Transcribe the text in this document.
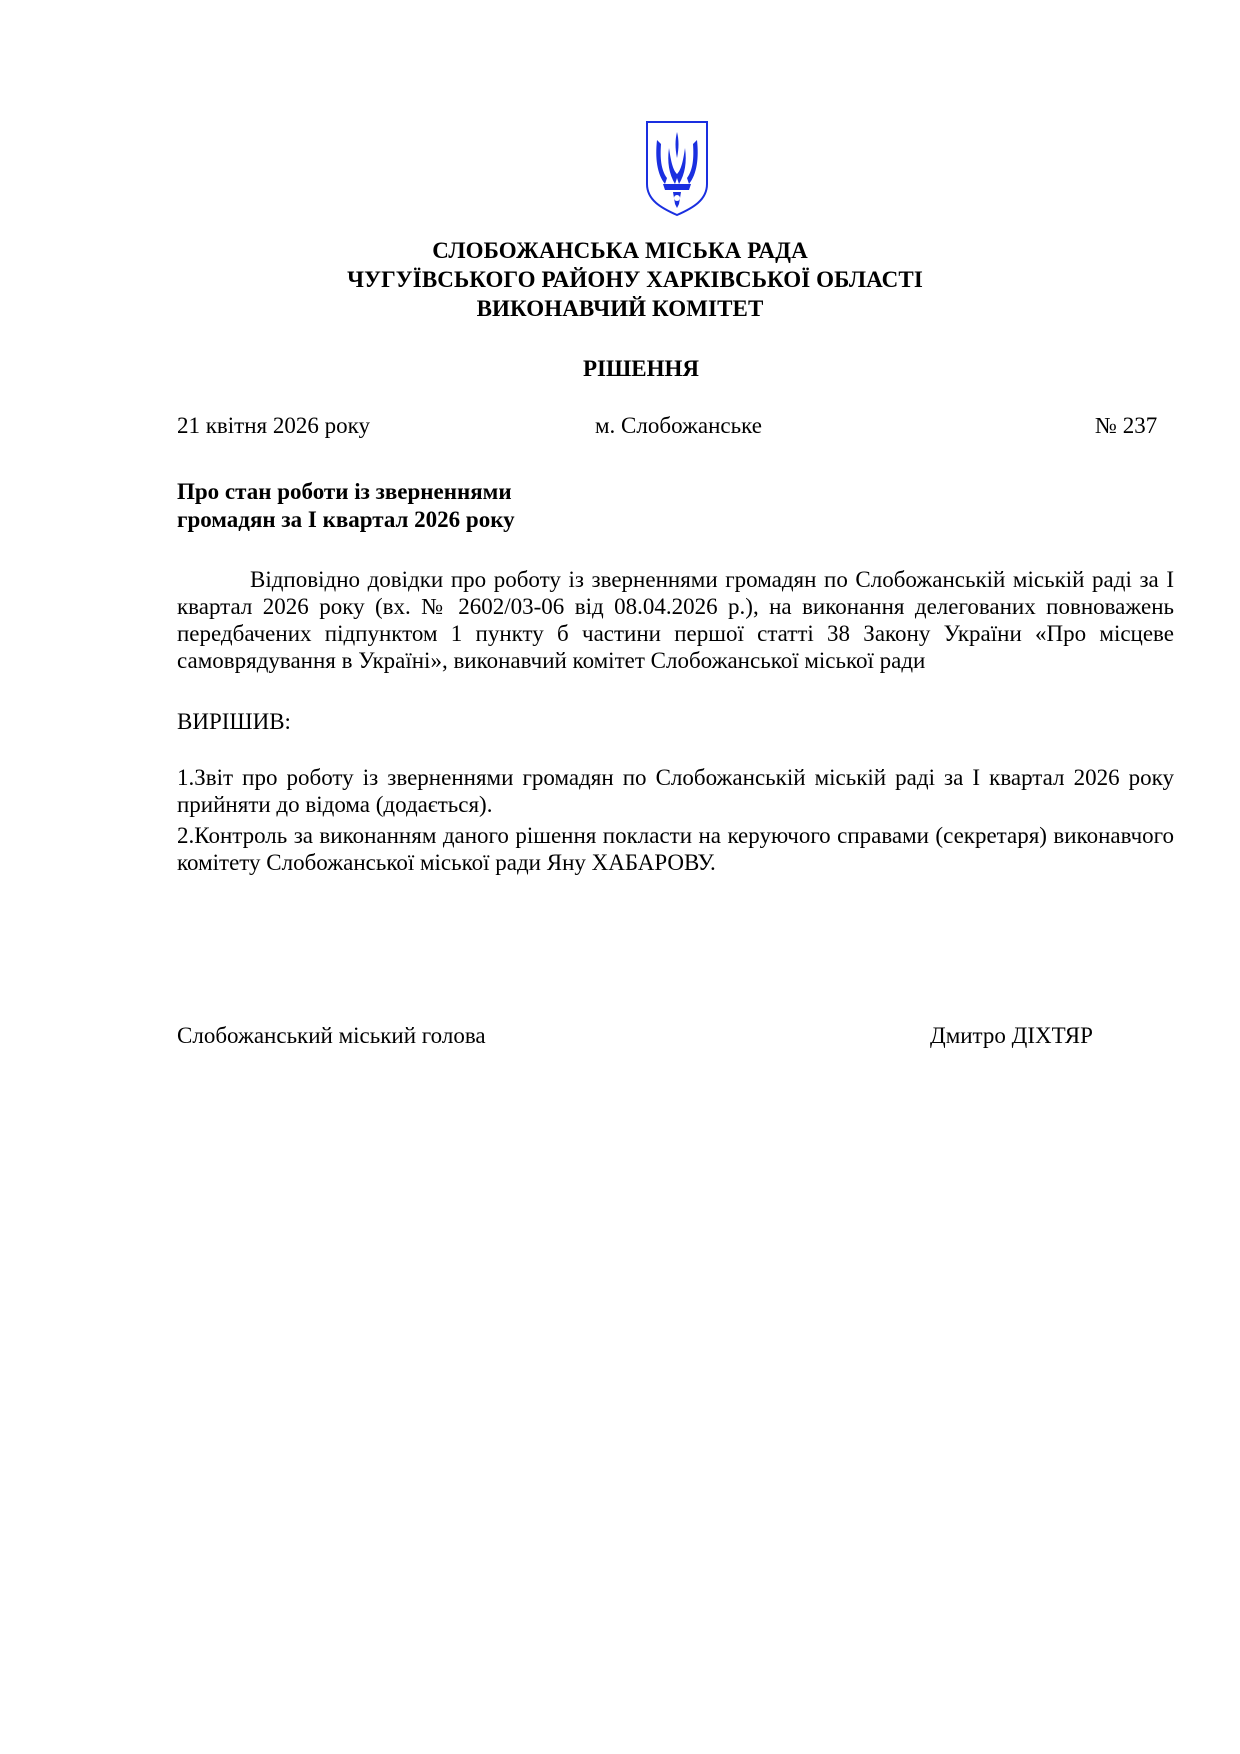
СЛОБОЖАНСЬКА МІСЬКА РАДА
ЧУГУЇВСЬКОГО РАЙОНУ ХАРКІВСЬКОЇ ОБЛАСТІ
ВИКОНАВЧИЙ КОМІТЕТ
РІШЕННЯ
21 квітня 2026 року	м. Слобожанське	№ 237
Про стан роботи із зверненнями
громадян за I квартал 2026 року
Відповідно довідки про роботу із зверненнями громадян по Слобожанській міській раді за I квартал 2026 року (вх. № 2602/03-06 від 08.04.2026 р.), на виконання делегованих повноважень передбачених підпунктом 1 пункту б частини першої статті 38 Закону України «Про місцеве самоврядування в Україні», виконавчий комітет Слобожанської міської ради
ВИРІШИВ:
1.Звіт про роботу із зверненнями громадян по Слобожанській міській раді за I квартал 2026 року прийняти до відома (додається).
2.Контроль за виконанням даного рішення покласти на керуючого справами (секретаря) виконавчого комітету Слобожанської міської ради Яну ХАБАРОВУ.
Слобожанський міський голова	Дмитро ДІХТЯР
